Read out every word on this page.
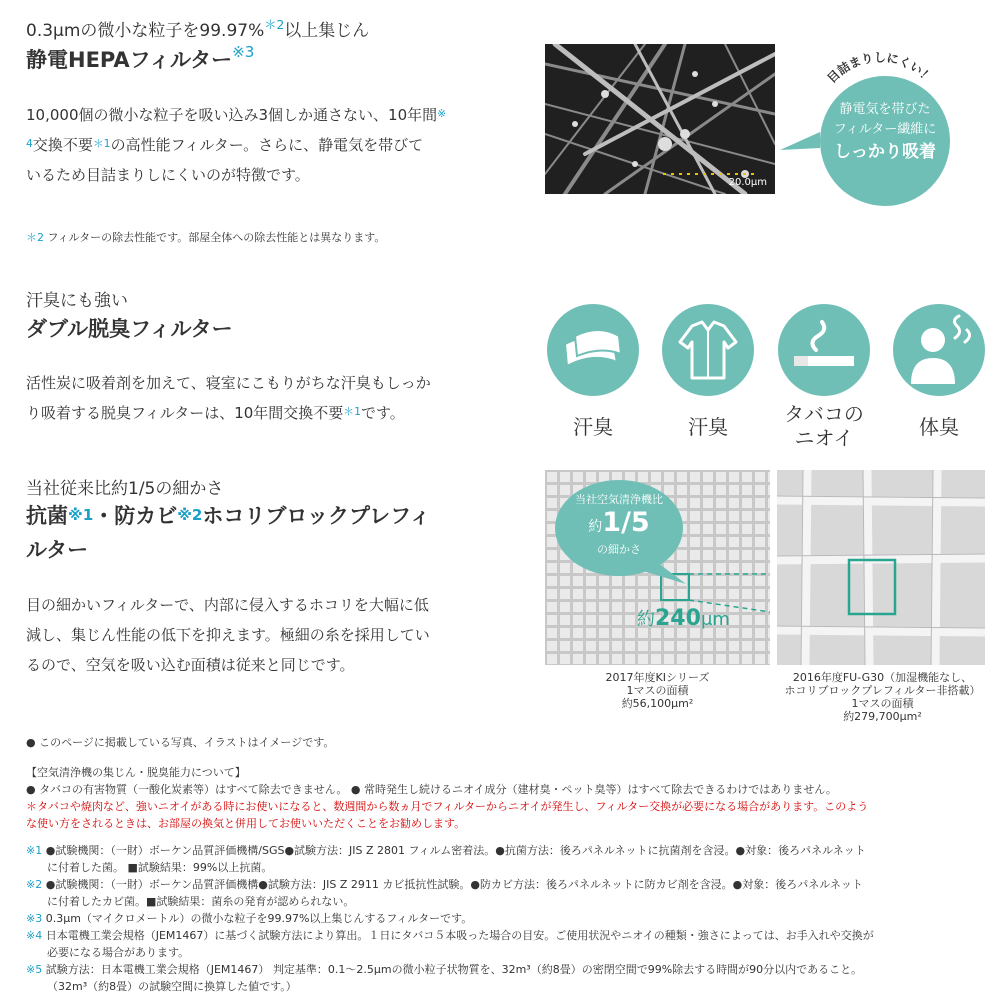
0.3μmの微小な粒子を99.97%$^{*2}$以上集じん
静電HEPAフィルター$^{※3}$
10,000個の微小な粒子を吸い込み3個しか通さない、10年間※
$^4$交換不要$^{*1}$の高性能フィルター。さらに、静電気を帯びて
いるため目詰まりしにくいのが特徴です。
＊2 フィルターの除去性能です。部屋全体への除去性能とは異なります。
20.0μm
目詰まりしにくい！
静電気を帯びた
フィルター繊維に
しっかり吸着
汗臭にも強い
ダブル脱臭フィルター
活性炭に吸着剤を加えて、寝室にこもりがちな汗臭もしっか
り吸着する脱臭フィルターは、10年間交換不要$^{*1}$です。
汗臭	汗臭
タバコの
ニオイ	体臭
当社従来比約1/5の細かさ
抗菌$^{※1}$・防カビ$^{※2}$ホコリブロックプレフィ
ルター
目の細かいフィルターで、内部に侵入するホコリを大幅に低
減し、集じん性能の低下を抑えます。極細の糸を採用してい
るので、空気を吸い込む面積は従来と同じです。
約240μm
当社空気清浄機比
約1/5
の細かさ
2017年度KIシリーズ
1マスの面積
約56,100μm²
2016年度FU-G30（加湿機能なし、
ホコリブロックプレフィルター非搭載）
1マスの面積
約279,700μm²
● このページに掲載している写真、イラストはイメージです。
【空気清浄機の集じん・脱臭能力について】
● タバコの有害物質（一酸化炭素等）はすべて除去できません。 ● 常時発生し続けるニオイ成分（建材臭・ペット臭等）はすべて除去できるわけではありません。
＊タバコや焼肉など、強いニオイがある時にお使いになると、数週間から数ヵ月でフィルターからニオイが発生し、フィルター交換が必要になる場合があります。このよう
な使い方をされるときは、お部屋の換気と併用してお使いいただくことをお勧めします。
※1 ●試験機関：（一財）ボーケン品質評価機構/SGS●試験方法：JIS Z 2801 フィルム密着法。●抗菌方法：後ろパネルネットに抗菌剤を含浸。●対象：後ろパネルネット
に付着した菌。 ■試験結果：99%以上抗菌。
※2 ●試験機関：（一財）ボーケン品質評価機構●試験方法：JIS Z 2911 カビ抵抗性試験。●防カビ方法：後ろパネルネットに防カビ剤を含浸。●対象：後ろパネルネット
に付着したカビ菌。■試験結果：菌糸の発育が認められない。
※3 0.3μm（マイクロメートル）の微小な粒子を99.97%以上集じんするフィルターです。
※4 日本電機工業会規格（JEM1467）に基づく試験方法により算出。１日にタバコ５本吸った場合の目安。ご使用状況やニオイの種類・強さによっては、お手入れや交換が
必要になる場合があります。
※5 試験方法：日本電機工業会規格（JEM1467） 判定基準：0.1〜2.5μmの微小粒子状物質を、32m³（約8畳）の密閉空間で99%除去する時間が90分以内であること。
（32m³（約8畳）の試験空間に換算した値です。）
